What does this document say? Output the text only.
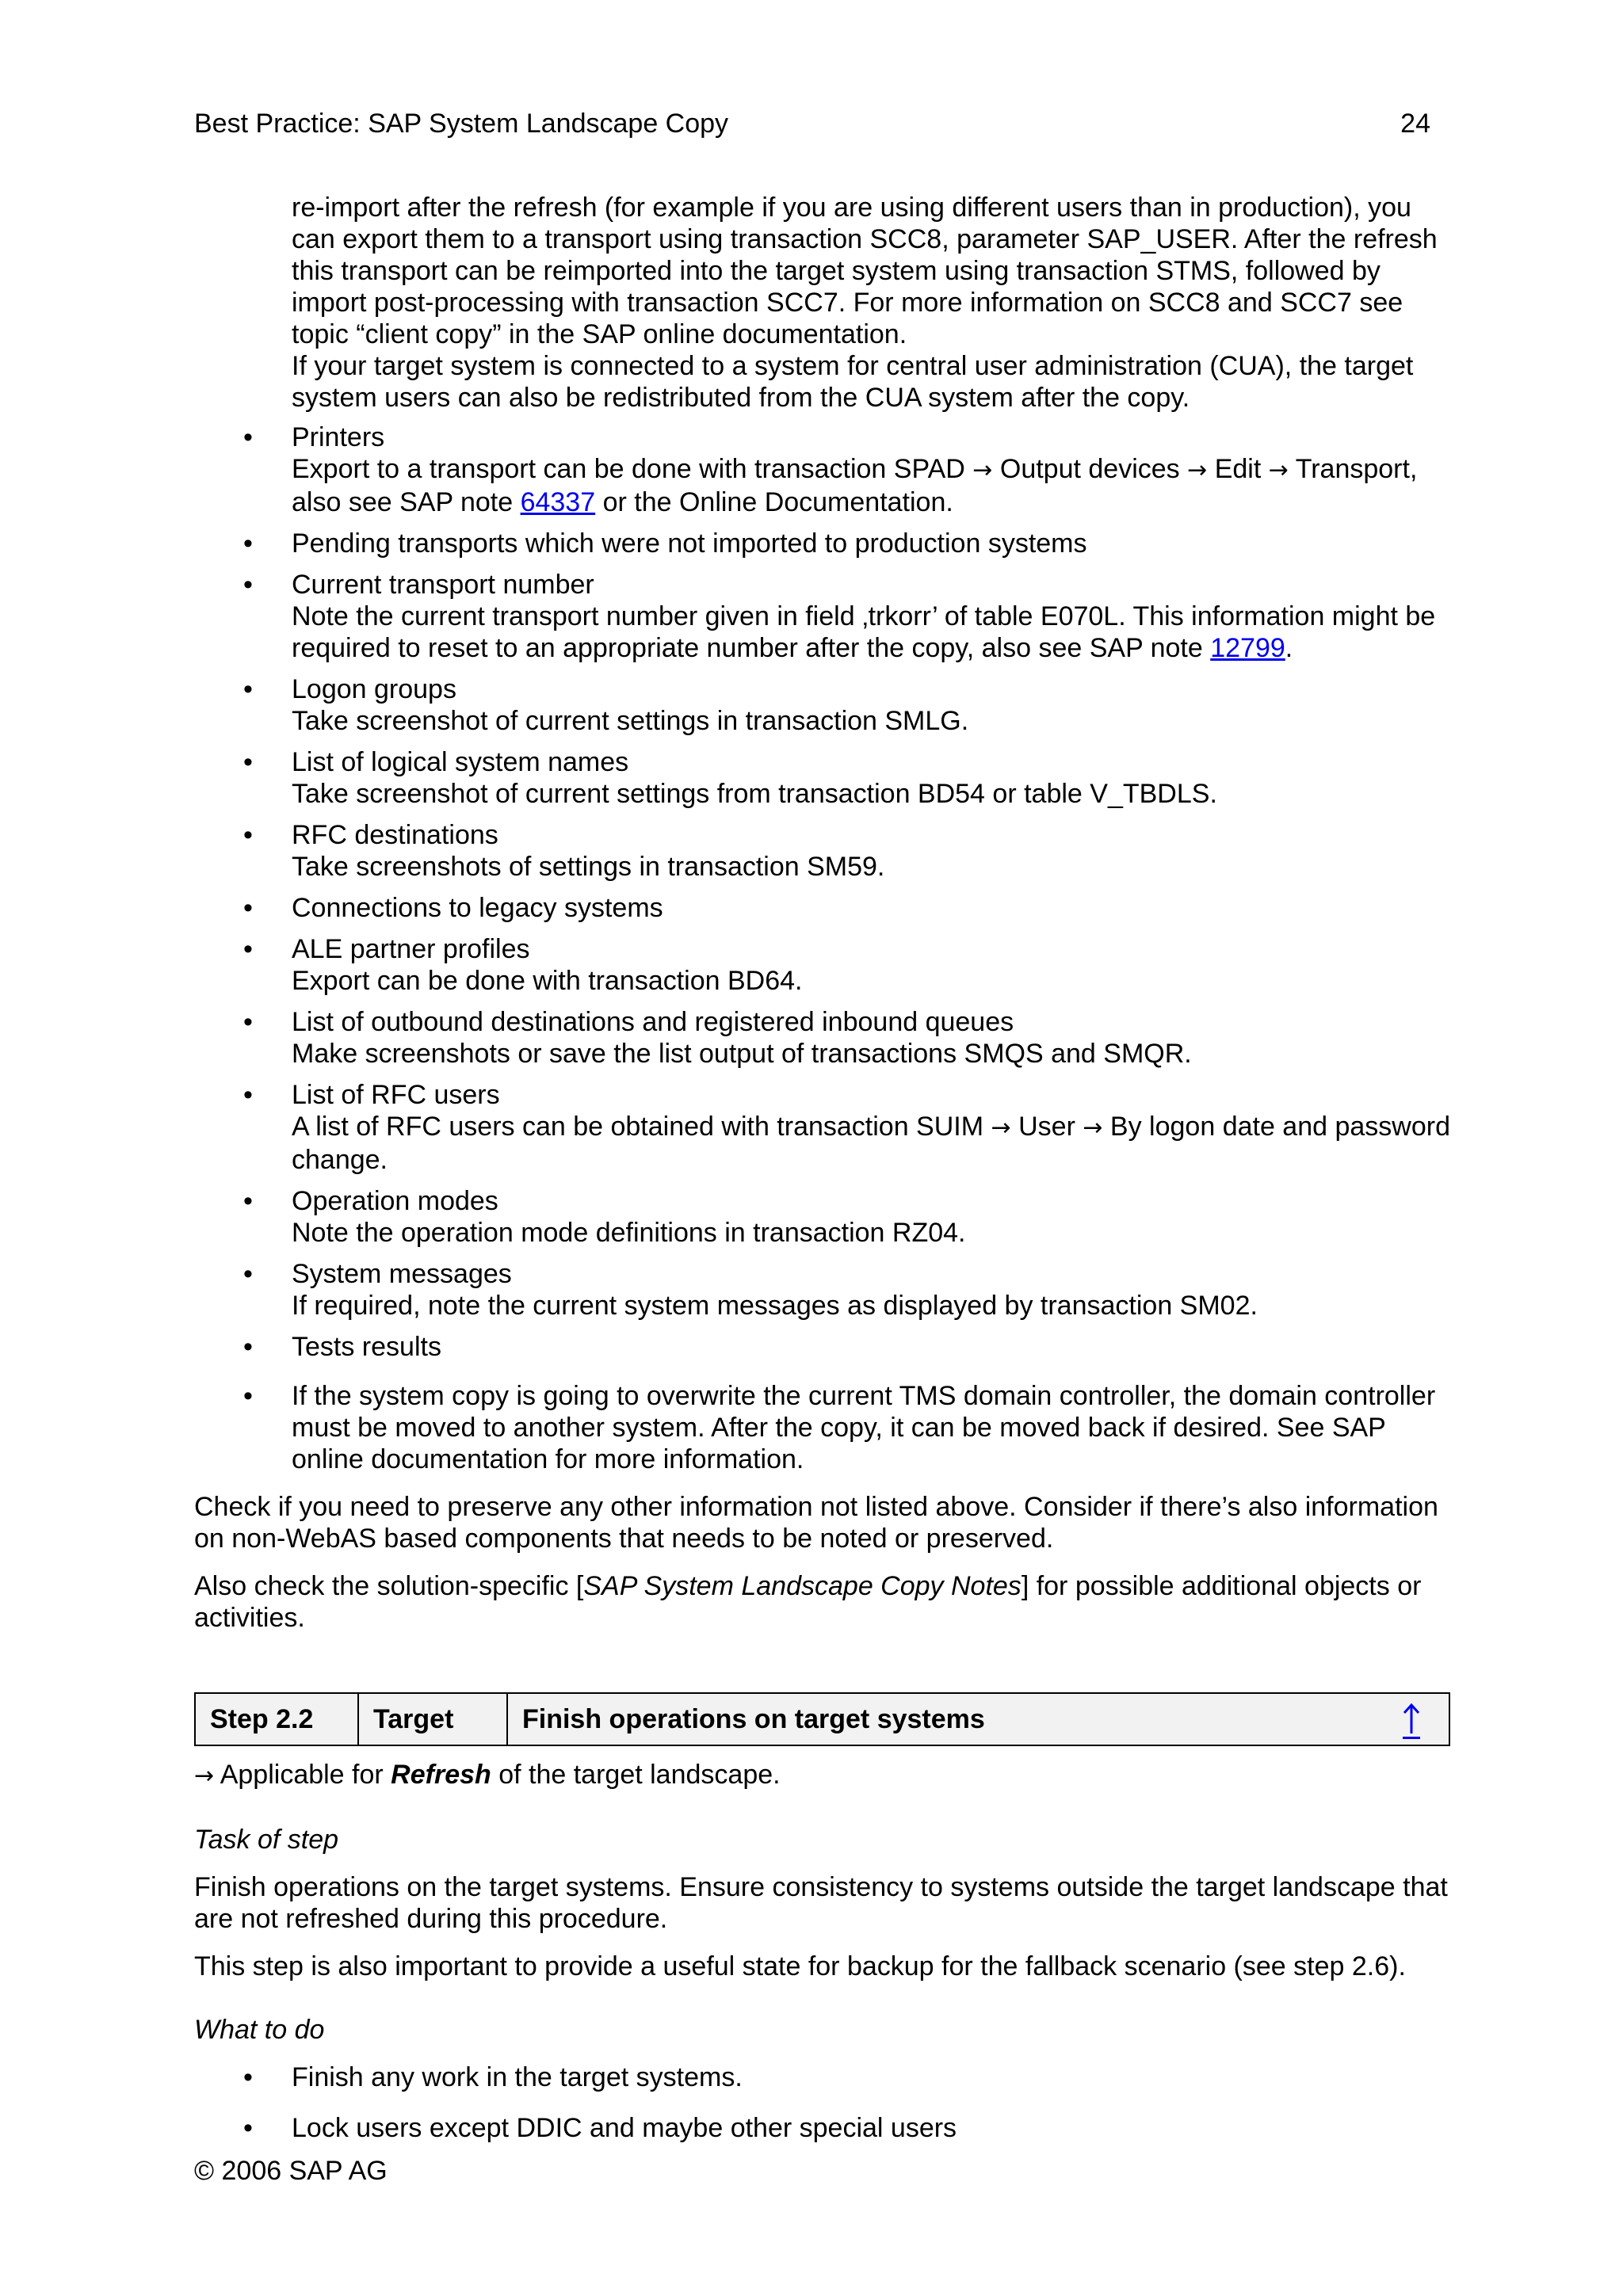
Best Practice: SAP System Landscape Copy	24
re-import after the refresh (for example if you are using different users than in production), you can export them to a transport using transaction SCC8, parameter SAP_USER. After the refresh this transport can be reimported into the target system using transaction STMS, followed by import post-processing with transaction SCC7. For more information on SCC8 and SCC7 see topic “client copy” in the SAP online documentation.
If your target system is connected to a system for central user administration (CUA), the target system users can also be redistributed from the CUA system after the copy.
• Printers
Export to a transport can be done with transaction SPAD → Output devices → Edit → Transport, also see SAP note 64337 or the Online Documentation.
• Pending transports which were not imported to production systems
• Current transport number
Note the current transport number given in field ‚trkorr’ of table E070L. This information might be required to reset to an appropriate number after the copy, also see SAP note 12799.
• Logon groups
Take screenshot of current settings in transaction SMLG.
• List of logical system names
Take screenshot of current settings from transaction BD54 or table V_TBDLS.
• RFC destinations
Take screenshots of settings in transaction SM59.
• Connections to legacy systems
• ALE partner profiles
Export can be done with transaction BD64.
• List of outbound destinations and registered inbound queues
Make screenshots or save the list output of transactions SMQS and SMQR.
• List of RFC users
A list of RFC users can be obtained with transaction SUIM → User → By logon date and password change.
• Operation modes
Note the operation mode definitions in transaction RZ04.
• System messages
If required, note the current system messages as displayed by transaction SM02.
• Tests results
• If the system copy is going to overwrite the current TMS domain controller, the domain controller must be moved to another system. After the copy, it can be moved back if desired. See SAP online documentation for more information.

Check if you need to preserve any other information not listed above. Consider if there’s also information on non-WebAS based components that needs to be noted or preserved.

Also check the solution-specific [SAP System Landscape Copy Notes] for possible additional objects or activities.

Step 2.2	Target	Finish operations on target systems
→ Applicable for Refresh of the target landscape.
Task of step

Finish operations on the target systems. Ensure consistency to systems outside the target landscape that are not refreshed during this procedure.

This step is also important to provide a useful state for backup for the fallback scenario (see step 2.6).

What to do
• Finish any work in the target systems.
• Lock users except DDIC and maybe other special users
© 2006 SAP AG
